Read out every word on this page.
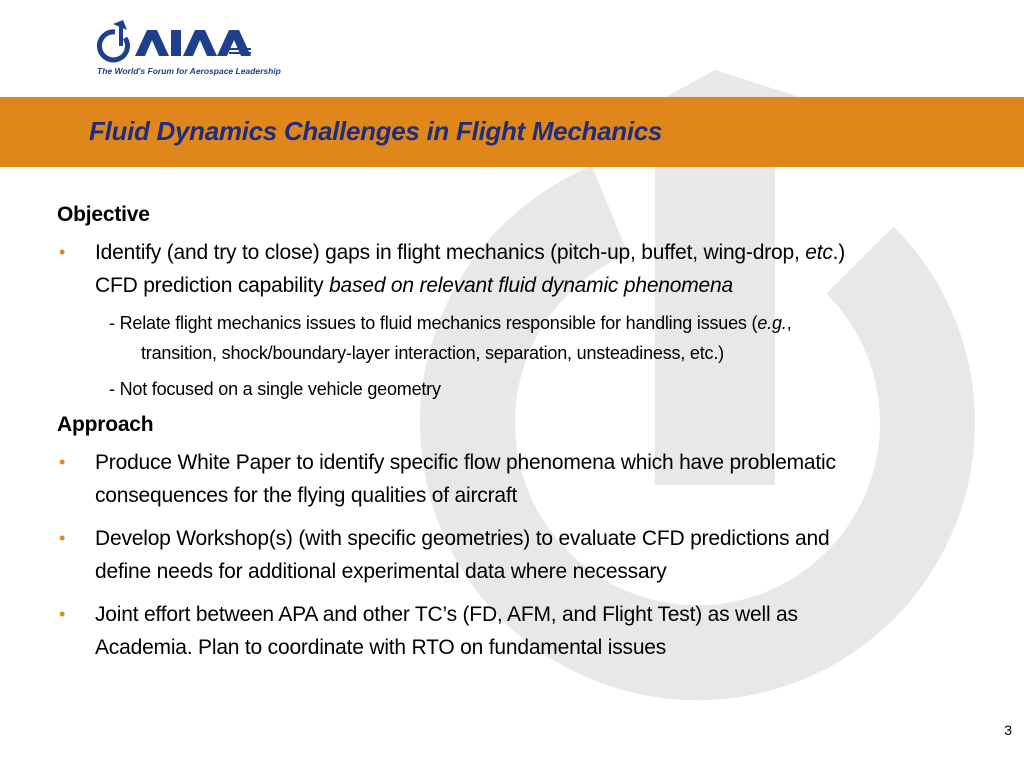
The World's Forum for Aerospace Leadership
Fluid Dynamics Challenges in Flight Mechanics

Objective

• Identify (and try to close) gaps in flight mechanics (pitch-up, buffet, wing-drop, etc.)
CFD prediction capability based on relevant fluid dynamic phenomena
- Relate flight mechanics issues to fluid mechanics responsible for handling issues (e.g.,
transition, shock/boundary-layer interaction, separation, unsteadiness, etc.)
- Not focused on a single vehicle geometry

Approach

• Produce White Paper to identify specific flow phenomena which have problematic
consequences for the flying qualities of aircraft
• Develop Workshop(s) (with specific geometries) to evaluate CFD predictions and
define needs for additional experimental data where necessary
• Joint effort between APA and other TC’s (FD, AFM, and Flight Test) as well as
Academia. Plan to coordinate with RTO on fundamental issues
3
